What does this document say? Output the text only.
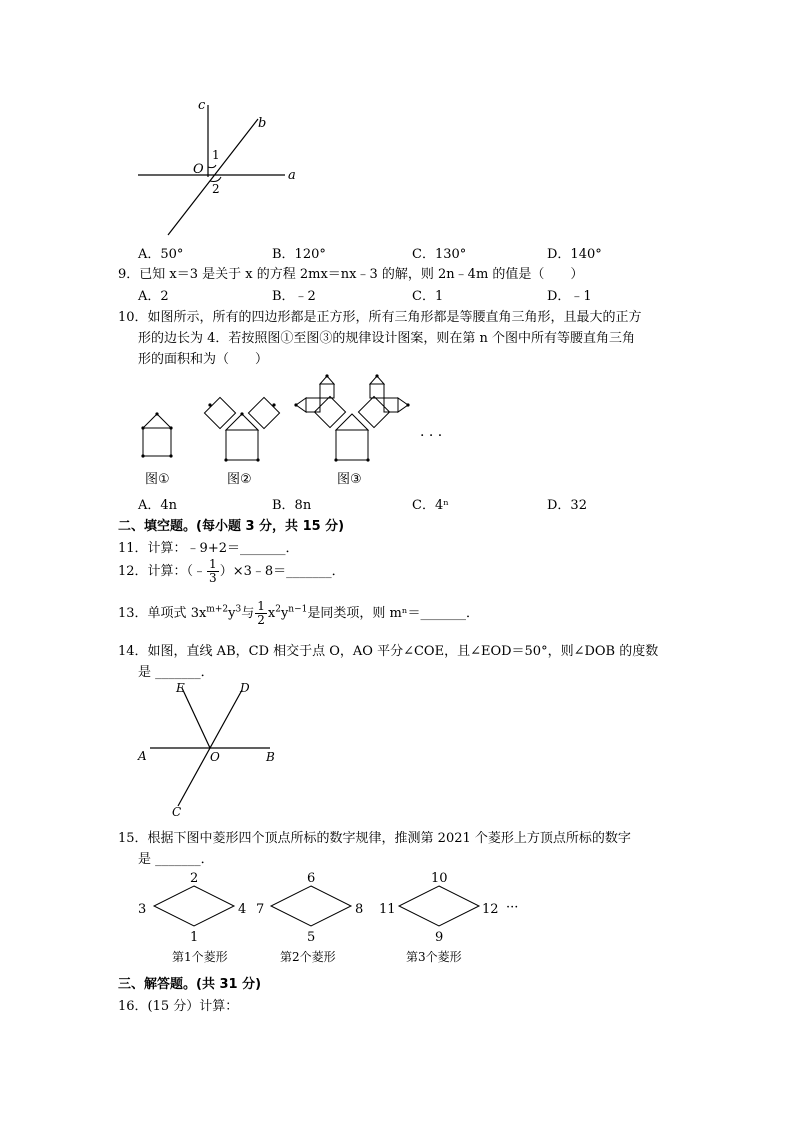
c
b
a
O
1
2
A．50°	B．120°	C．130°	D．140°
9．已知 x＝3 是关于 x 的方程 2mx＝nx﹣3 的解，则 2n﹣4m 的值是（　　）
A．2	B．﹣2	C．1	D．﹣1
10．如图所示，所有的四边形都是正方形，所有三角形都是等腰直角三角形，且最大的正方
形的边长为 4．若按照图①至图③的规律设计图案，则在第 n 个图中所有等腰直角三角
形的面积和为（　　）
· · ·
图①	图②	图③
A．4n	B．8n	C．4ⁿ	D．32
二、填空题。(每小题 3 分，共 15 分)
11．计算：﹣9+2＝_______．
12．计算：（﹣ $\frac{1}{3}$ ）×3﹣8＝_______．
13．单项式 $3x^{m+2}y^3$与 $\frac{1}{2} x^2y^{n-1}$是同类项，则 mⁿ＝_______．
14．如图，直线 AB，CD 相交于点 O，AO 平分∠COE，且∠EOD＝50°，则∠DOB 的度数
是 _______．
E	D
A	O	B
C
15．根据下图中菱形四个顶点所标的数字规律，推测第 2021 个菱形上方顶点所标的数字
是 _______．
2
3	4
1
6
7	8
5
10
11	12
9
···
第1个菱形	第2个菱形	第3个菱形
三、解答题。(共 31 分)
16．(15 分）计算：
